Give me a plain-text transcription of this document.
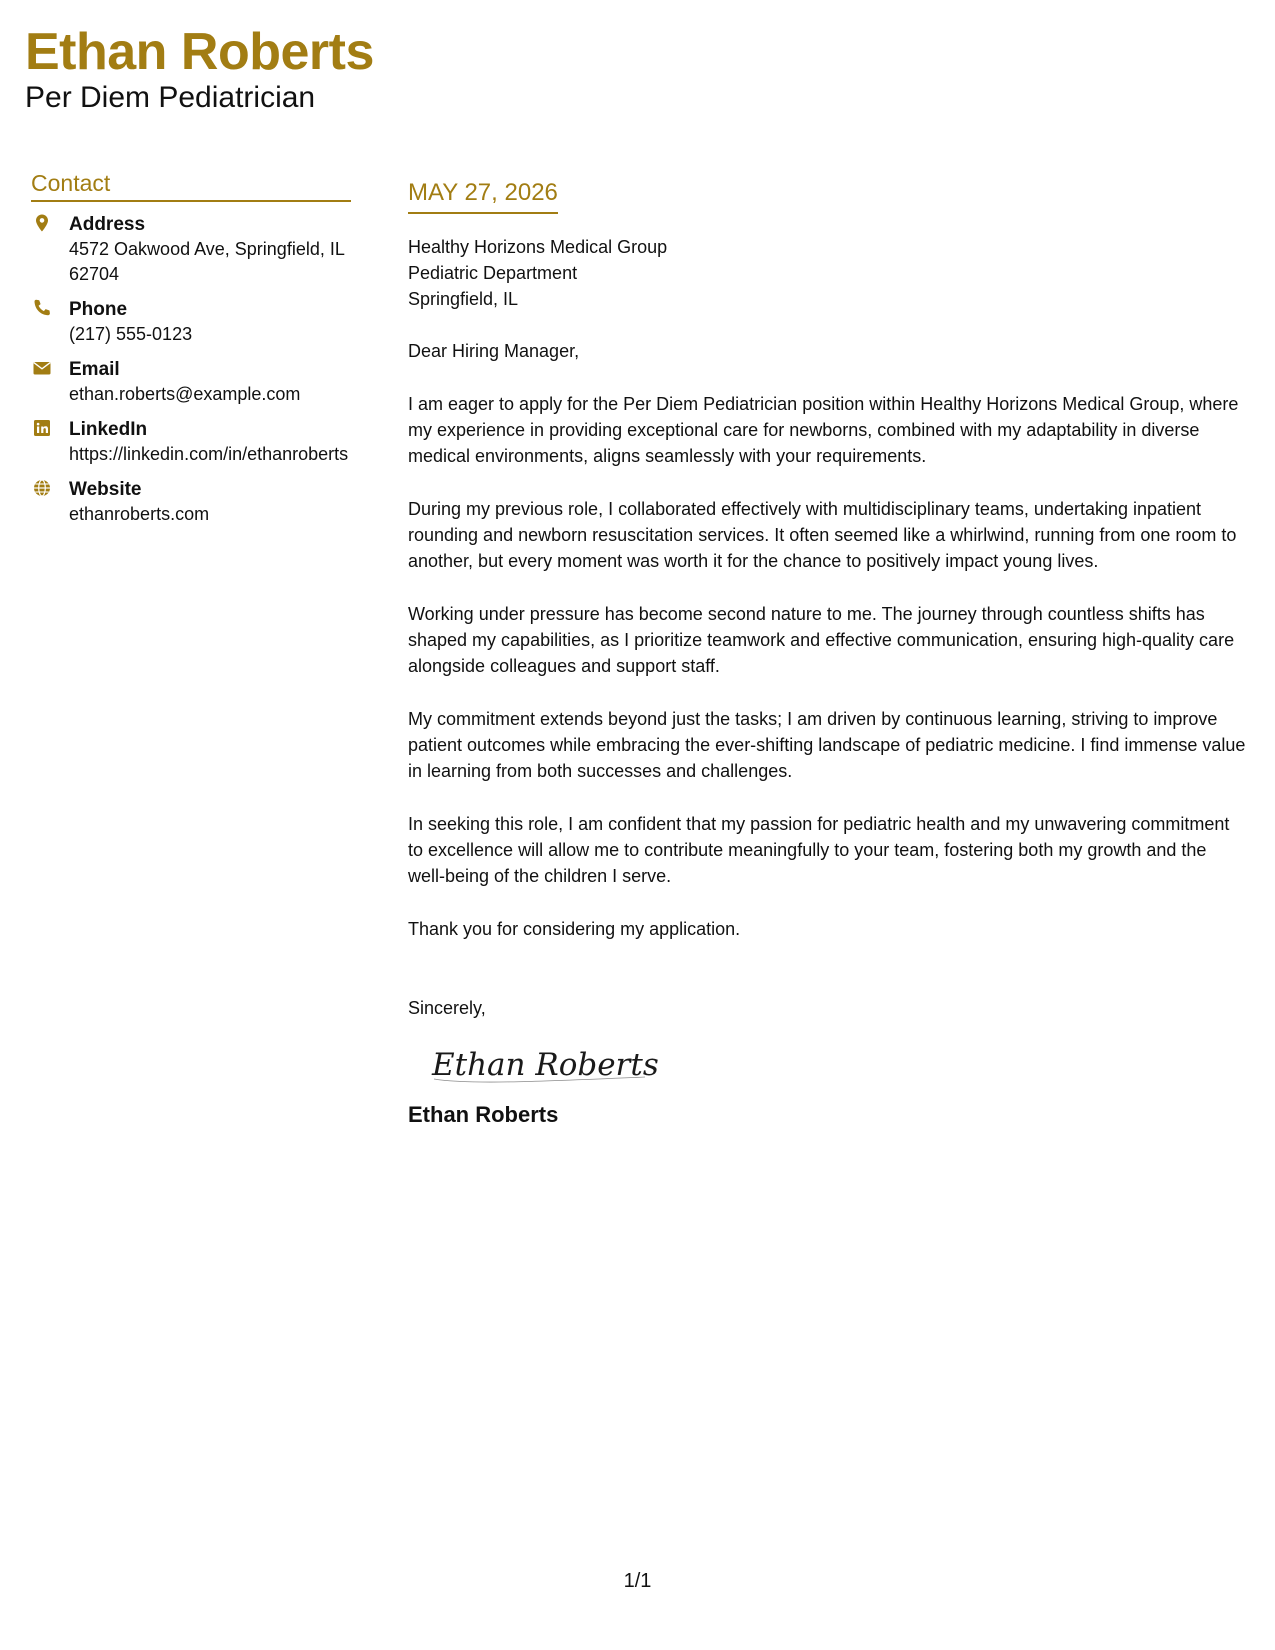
Ethan Roberts
Per Diem Pediatrician
Contact
Address
4572 Oakwood Ave, Springfield, IL 62704
Phone
(217) 555-0123
Email
ethan.roberts@example.com
LinkedIn
https://linkedin.com/in/ethanroberts
Website
ethanroberts.com
MAY 27, 2026
Healthy Horizons Medical Group
Pediatric Department
Springfield, IL

Dear Hiring Manager,

I am eager to apply for the Per Diem Pediatrician position within Healthy Horizons Medical Group, where my experience in providing exceptional care for newborns, combined with my adaptability in diverse medical environments, aligns seamlessly with your requirements.

During my previous role, I collaborated effectively with multidisciplinary teams, undertaking inpatient rounding and newborn resuscitation services. It often seemed like a whirlwind, running from one room to another, but every moment was worth it for the chance to positively impact young lives.

Working under pressure has become second nature to me. The journey through countless shifts has shaped my capabilities, as I prioritize teamwork and effective communication, ensuring high-quality care alongside colleagues and support staff.

My commitment extends beyond just the tasks; I am driven by continuous learning, striving to improve patient outcomes while embracing the ever-shifting landscape of pediatric medicine. I find immense value in learning from both successes and challenges.

In seeking this role, I am confident that my passion for pediatric health and my unwavering commitment to excellence will allow me to contribute meaningfully to your team, fostering both my growth and the well-being of the children I serve.

Thank you for considering my application.

Sincerely,
Ethan Roberts
Ethan Roberts
1/1
